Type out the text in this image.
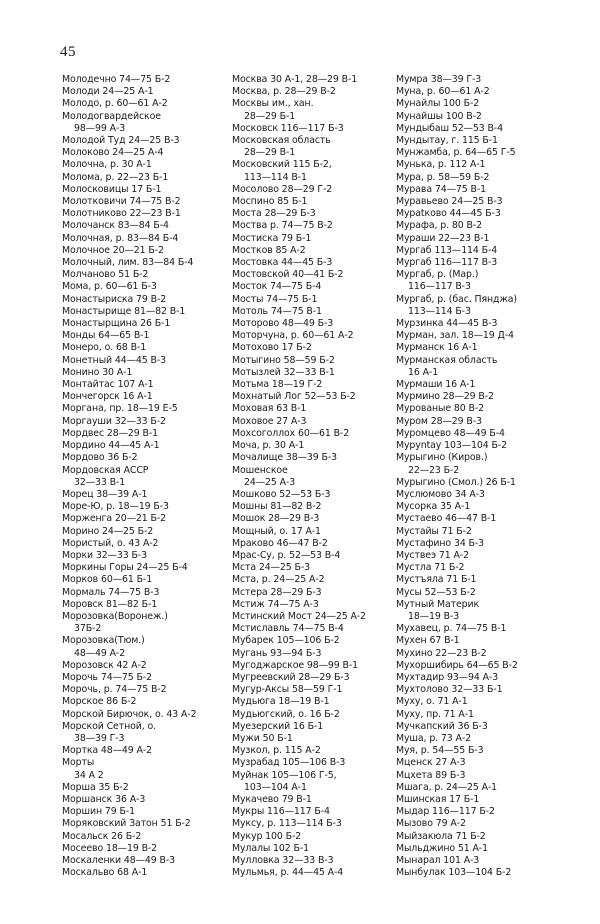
45
Молодечно 74—75 Б-2
Молоди 24—25 А-1
Молодо, р. 60—61 А-2
Молодогвардейское
98—99 А-3
Молодой Туд 24—25 В-3
Молоково 24—25 А-4
Молочна, р. 30 А-1
Молома, р. 22—23 Б-1
Молосковицы 17 Б-1
Молотковичи 74—75 В-2
Молотниково 22—23 В-1
Молочанск 83—84 Б-4
Молочная, р. 83—84 Б-4
Молочное 20—21 Б-2
Молочный, лим. 83—84 Б-4
Молчаново 51 Б-2
Мома, р. 60—61 Б-3
Монастыриска 79 В-2
Монастырище 81—82 В-1
Монастырщина 26 Б-1
Монды 64—65 В-1
Монеро, о. 68 В-1
Монетный 44—45 В-3
Монино 30 А-1
Монтайтас 107 А-1
Мончегорск 16 А-1
Моргана, пр. 18—19 Е-5
Моргауши 32—33 Б-2
Мордвес 28—29 В-1
Мордино 44—45 А-1
Мордово 36 Б-2
Мордовская АССР
32—33 В-1
Морец 38—39 А-1
Море-Ю, р. 18—19 Б-3
Морженга 20—21 Б-2
Морино 24—25 Б-2
Мористый, о. 43 А-2
Морки 32—33 Б-3
Моркины Горы 24—25 Б-4
Морков 60—61 Б-1
Мормаль 74—75 В-3
Моровск 81—82 Б-1
Морозовка(Воронеж.)
37Б-2
Морозовка(Тюм.)
48—49 А-2
Морозовск 42 А-2
Морочь 74—75 Б-2
Морочь, р. 74—75 В-2
Морское 86 Б-2
Морской Бирючок, о. 43 А-2
Морской Сетной, о.
38—39 Г-3
Мортка 48—49 А-2
Морты
34 А 2
Морша 35 Б-2
Моршанск 36 А-3
Моршин 79 Б-1
Моряковский Затон 51 Б-2
Мосальск 26 Б-2
Мосеево 18—19 В-2
Москаленки 48—49 В-3
Москальво 68 А-1
Москва 30 А-1, 28—29 В-1
Москва, р. 28—29 В-2
Москвы им., хан.
28—29 Б-1
Московск 116—117 Б-3
Московская область
28—29 В-1
Московский 115 Б-2,
113—114 В-1
Мосолово 28—29 Г-2
Моспино 85 Б-1
Моста 28—29 Б-3
Моства р. 74—75 В-2
Мостиска 79 Б-1
Мостков 85 А-2
Мостовка 44—45 Б-3
Мостовской 40—41 Б-2
Мосток 74—75 Б-4
Мосты 74—75 Б-1
Мотоль 74—75 В-1
Моторово 48—49 Б-3
Моторчуна, р. 60—61 А-2
Мотохово 17 Б-2
Мотыгино 58—59 Б-2
Мотызлей 32—33 В-1
Мотьма 18—19 Г-2
Мохнатый Лог 52—53 Б-2
Моховая 63 В-1
Моховое 27 А-3
Мохсоголлох 60—61 В-2
Моча, р. 30 А-1
Мочалище 38—39 Б-3
Мошенское
24—25 А-3
Мошково 52—53 Б-3
Мошны 81—82 В-2
Мошок 28—29 В-3
Мощный, о. 17 А-1
Мраково 46—47 В-2
Мрас-Су, р. 52—53 В-4
Мста 24—25 Б-3
Мста, р. 24—25 А-2
Мстера 28—29 Б-3
Мстиж 74—75 А-3
Мстинский Мост 24—25 А-2
Мстиславль 74—75 В-4
Мубарек 105—106 Б-2
Мугань 93—94 Б-3
Мугоджарское 98—99 В-1
Мугреевский 28—29 Б-3
Мугур-Аксы 58—59 Г-1
Мудьюга 18—19 В-1
Мудьюгский, о. 16 Б-2
Муезерский 16 Б-1
Мужи 50 Б-1
Музкол, р. 115 А-2
Музрабад 105—106 В-3
Муйнак 105—106 Г-5,
103—104 А-1
Мукачево 79 В-1
Мукры 116—117 Б-4
Муксу, р. 113—114 Б-3
Мукур 100 Б-2
Мулалы 102 Б-1
Мулловка 32—33 В-3
Мульмья, р. 44—45 А-4
Мумра 38—39 Г-3
Муна, р. 60—61 А-2
Мунайлы 100 Б-2
Мунайшы 100 В-2
Мундыбаш 52—53 В-4
Мундытау, г. 115 Б-1
Мунжамба, р. 64—65 Г-5
Мунька, р. 112 А-1
Мура, р. 58—59 Б-2
Мурава 74—75 В-1
Муравьево 24—25 В-3
Мурatково 44—45 Б-3
Мурафа, р. 80 В-2
Мураши 22—23 В-1
Мургаб 113—114 Б-4
Мургаб 116—117 В-3
Мургаб, р. (Мар.)
116—117 В-3
Мургаб, р. (бас. Пянджа)
113—114 Б-3
Мурзинка 44—45 В-3
Мурман, зал. 18—19 Д-4
Мурманск 16 А-1
Мурманская область
16 А-1
Мурмаши 16 А-1
Мурмино 28—29 В-2
Мурованые 80 В-2
Муром 28—29 В-3
Муромцево 48—49 Б-4
Муруntау 103—104 Б-2
Мурыгино (Киров.)
22—23 Б-2
Мурыгино (Смол.) 26 Б-1
Муслюмово 34 А-3
Мусорка 35 А-1
Мустаево 46—47 В-1
Мустайы 71 Б-2
Мустафино 34 Б-3
Муствеэ 71 А-2
Мустла 71 Б-2
Мустъяла 71 Б-1
Мусы 52—53 Б-2
Мутный Материк
18—19 В-3
Мухавец, р. 74—75 В-1
Мухен 67 В-1
Мухино 22—23 В-2
Мухоршибирь 64—65 В-2
Мухтадир 93—94 А-3
Мухтолово 32—33 Б-1
Муху, о. 71 А-1
Муху, пр. 71 А-1
Мучкапский 36 Б-3
Муша, р. 73 А-2
Муя, р. 54—55 Б-3
Мценск 27 А-3
Мцхета 89 Б-3
Мшага, р. 24—25 А-1
Мшинская 17 Б-1
Мыдар 116—117 Б-2
Мызово 79 А-2
Мыйзакюла 71 Б-2
Мыльджино 51 А-1
Мынарал 101 А-3
Мынбулак 103—104 Б-2
